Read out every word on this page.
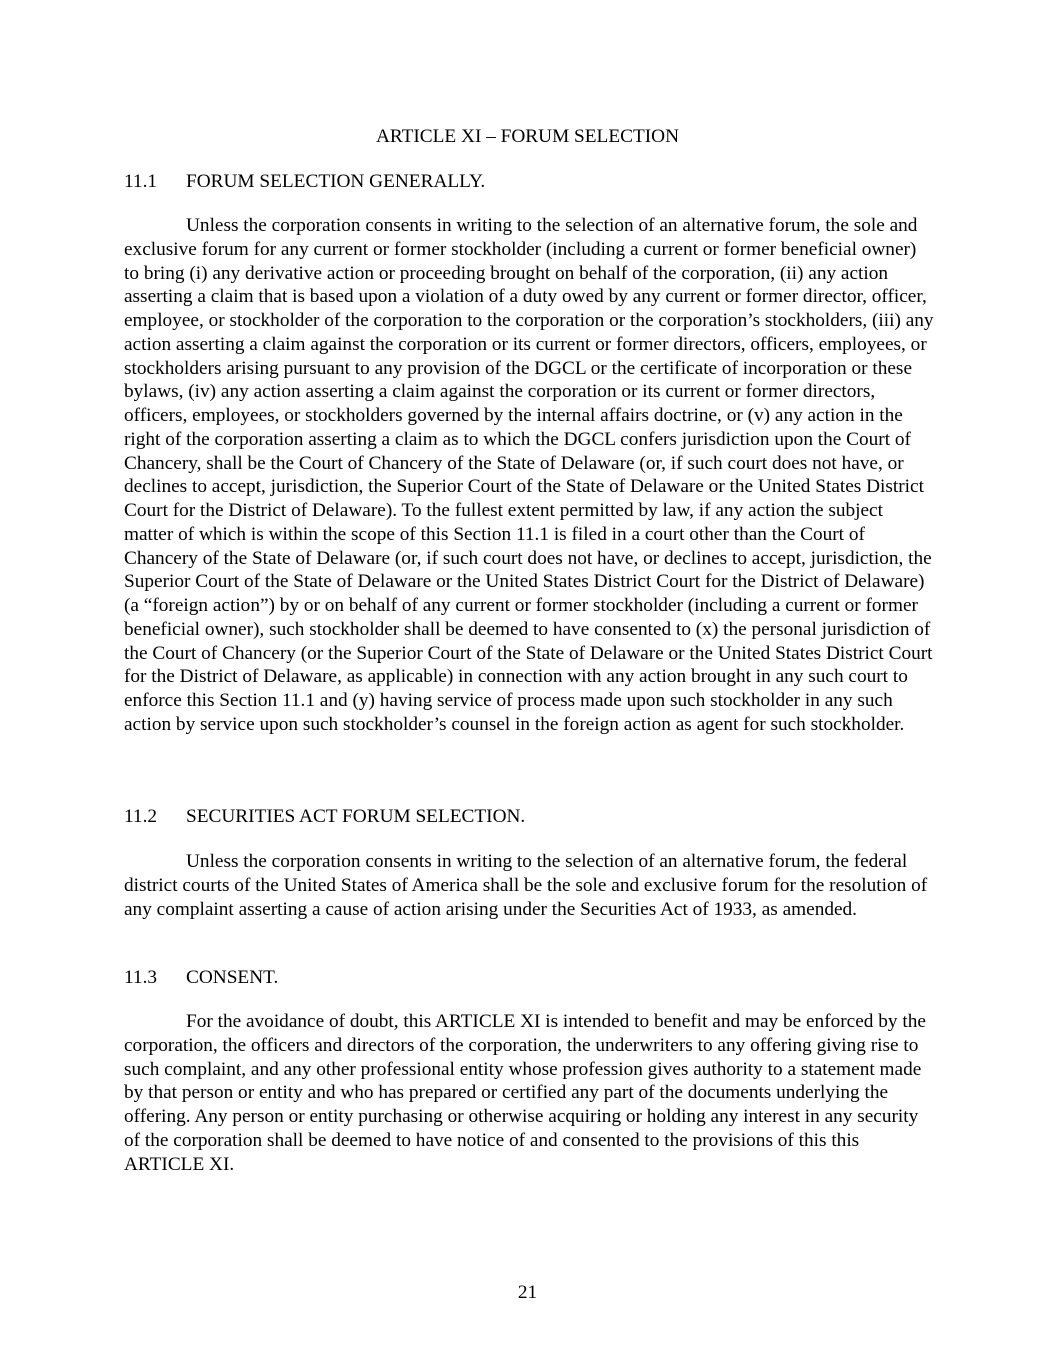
ARTICLE XI – FORUM SELECTION
11.1 FORUM SELECTION GENERALLY.

Unless the corporation consents in writing to the selection of an alternative forum, the sole and exclusive forum for any current or former stockholder (including a current or former beneficial owner) to bring (i) any derivative action or proceeding brought on behalf of the corporation, (ii) any action asserting a claim that is based upon a violation of a duty owed by any current or former director, officer, employee, or stockholder of the corporation to the corporation or the corporation’s stockholders, (iii) any action asserting a claim against the corporation or its current or former directors, officers, employees, or stockholders arising pursuant to any provision of the DGCL or the certificate of incorporation or these bylaws, (iv) any action asserting a claim against the corporation or its current or former directors, officers, employees, or stockholders governed by the internal affairs doctrine, or (v) any action in the right of the corporation asserting a claim as to which the DGCL confers jurisdiction upon the Court of Chancery, shall be the Court of Chancery of the State of Delaware (or, if such court does not have, or declines to accept, jurisdiction, the Superior Court of the State of Delaware or the United States District Court for the District of Delaware). To the fullest extent permitted by law, if any action the subject matter of which is within the scope of this Section 11.1 is filed in a court other than the Court of Chancery of the State of Delaware (or, if such court does not have, or declines to accept, jurisdiction, the Superior Court of the State of Delaware or the United States District Court for the District of Delaware) (a “foreign action”) by or on behalf of any current or former stockholder (including a current or former beneficial owner), such stockholder shall be deemed to have consented to (x) the personal jurisdiction of the Court of Chancery (or the Superior Court of the State of Delaware or the United States District Court for the District of Delaware, as applicable) in connection with any action brought in any such court to enforce this Section 11.1 and (y) having service of process made upon such stockholder in any such action by service upon such stockholder’s counsel in the foreign action as agent for such stockholder.

11.2 SECURITIES ACT FORUM SELECTION.

Unless the corporation consents in writing to the selection of an alternative forum, the federal district courts of the United States of America shall be the sole and exclusive forum for the resolution of any complaint asserting a cause of action arising under the Securities Act of 1933, as amended.

11.3 CONSENT.

For the avoidance of doubt, this ARTICLE XI is intended to benefit and may be enforced by the corporation, the officers and directors of the corporation, the underwriters to any offering giving rise to such complaint, and any other professional entity whose profession gives authority to a statement made by that person or entity and who has prepared or certified any part of the documents underlying the offering. Any person or entity purchasing or otherwise acquiring or holding any interest in any security of the corporation shall be deemed to have notice of and consented to the provisions of this this ARTICLE XI.

21
